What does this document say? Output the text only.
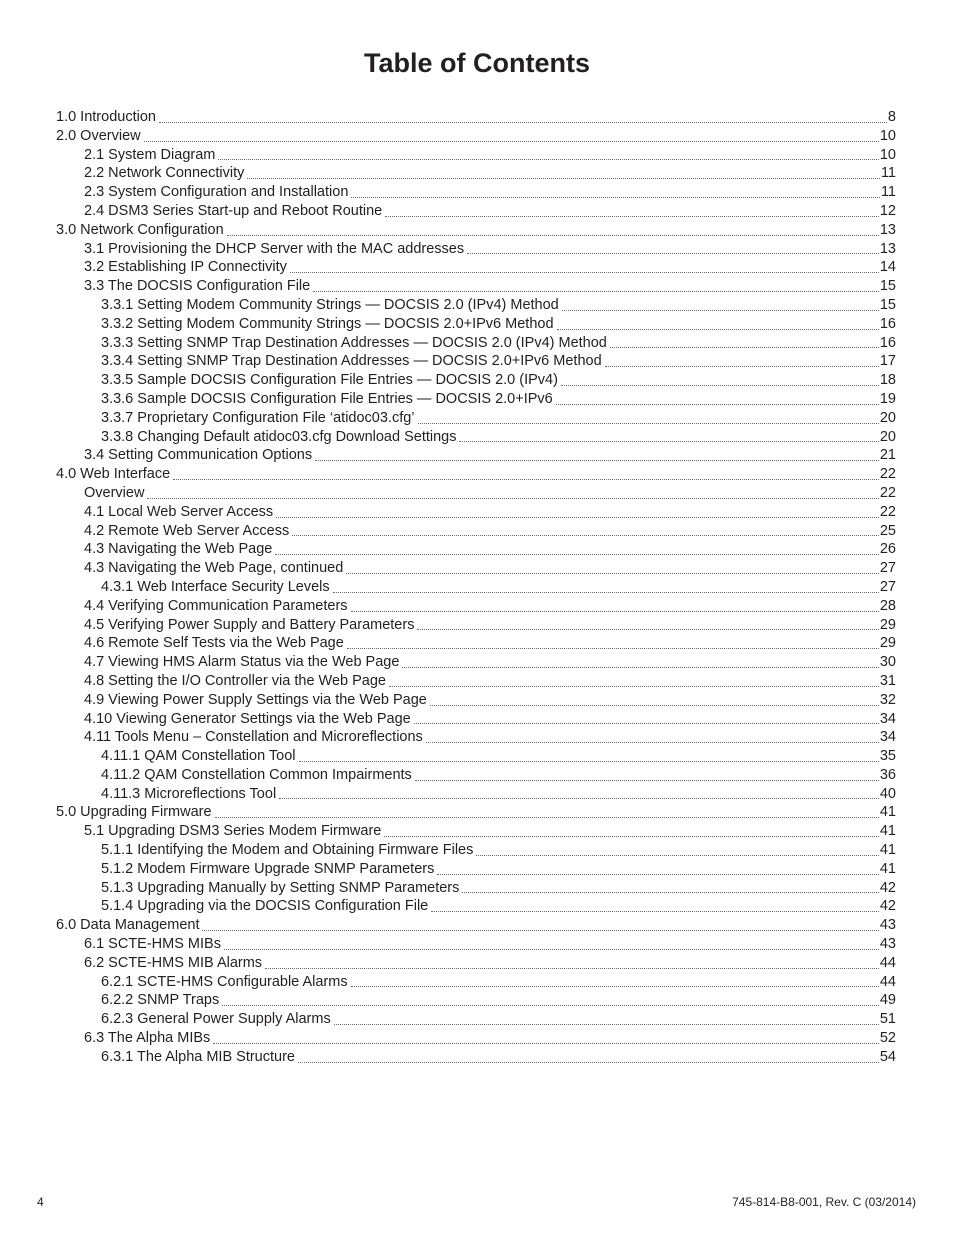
Table of Contents
1.0 Introduction	8
2.0 Overview	10
2.1 System Diagram	10
2.2 Network Connectivity	11
2.3 System Configuration and Installation	11
2.4 DSM3 Series Start-up and Reboot Routine	12
3.0 Network Configuration	13
3.1 Provisioning the DHCP Server with the MAC addresses	13
3.2 Establishing IP Connectivity	14
3.3 The DOCSIS Configuration File	15
3.3.1 Setting Modem Community Strings — DOCSIS 2.0 (IPv4) Method	15
3.3.2 Setting Modem Community Strings — DOCSIS 2.0+IPv6 Method	16
3.3.3 Setting SNMP Trap Destination Addresses — DOCSIS 2.0 (IPv4) Method	16
3.3.4 Setting SNMP Trap Destination Addresses — DOCSIS 2.0+IPv6 Method	17
3.3.5 Sample DOCSIS Configuration File Entries — DOCSIS 2.0 (IPv4)	18
3.3.6 Sample DOCSIS Configuration File Entries — DOCSIS 2.0+IPv6	19
3.3.7 Proprietary Configuration File ‘atidoc03.cfg’	20
3.3.8 Changing Default atidoc03.cfg Download Settings	20
3.4 Setting Communication Options	21
4.0 Web Interface	22
Overview	22
4.1 Local Web Server Access	22
4.2 Remote Web Server Access	25
4.3 Navigating the Web Page	26
4.3 Navigating the Web Page, continued	27
4.3.1 Web Interface Security Levels	27
4.4 Verifying Communication Parameters	28
4.5 Verifying Power Supply and Battery Parameters	29
4.6 Remote Self Tests via the Web Page	29
4.7 Viewing HMS Alarm Status via the Web Page	30
4.8 Setting the I/O Controller via the Web Page	31
4.9 Viewing Power Supply Settings via the Web Page	32
4.10 Viewing Generator Settings via the Web Page	34
4.11 Tools Menu – Constellation and Microreflections	34
4.11.1 QAM Constellation Tool	35
4.11.2 QAM Constellation Common Impairments	36
4.11.3 Microreflections Tool	40
5.0 Upgrading Firmware	41
5.1 Upgrading DSM3 Series Modem Firmware	41
5.1.1 Identifying the Modem and Obtaining Firmware Files	41
5.1.2 Modem Firmware Upgrade SNMP Parameters	41
5.1.3 Upgrading Manually by Setting SNMP Parameters	42
5.1.4 Upgrading via the DOCSIS Configuration File	42
6.0 Data Management	43
6.1 SCTE-HMS MIBs	43
6.2 SCTE-HMS MIB Alarms	44
6.2.1 SCTE-HMS Configurable Alarms	44
6.2.2 SNMP Traps	49
6.2.3 General Power Supply Alarms	51
6.3 The Alpha MIBs	52
6.3.1 The Alpha MIB Structure	54
4	745-814-B8-001, Rev. C (03/2014)
